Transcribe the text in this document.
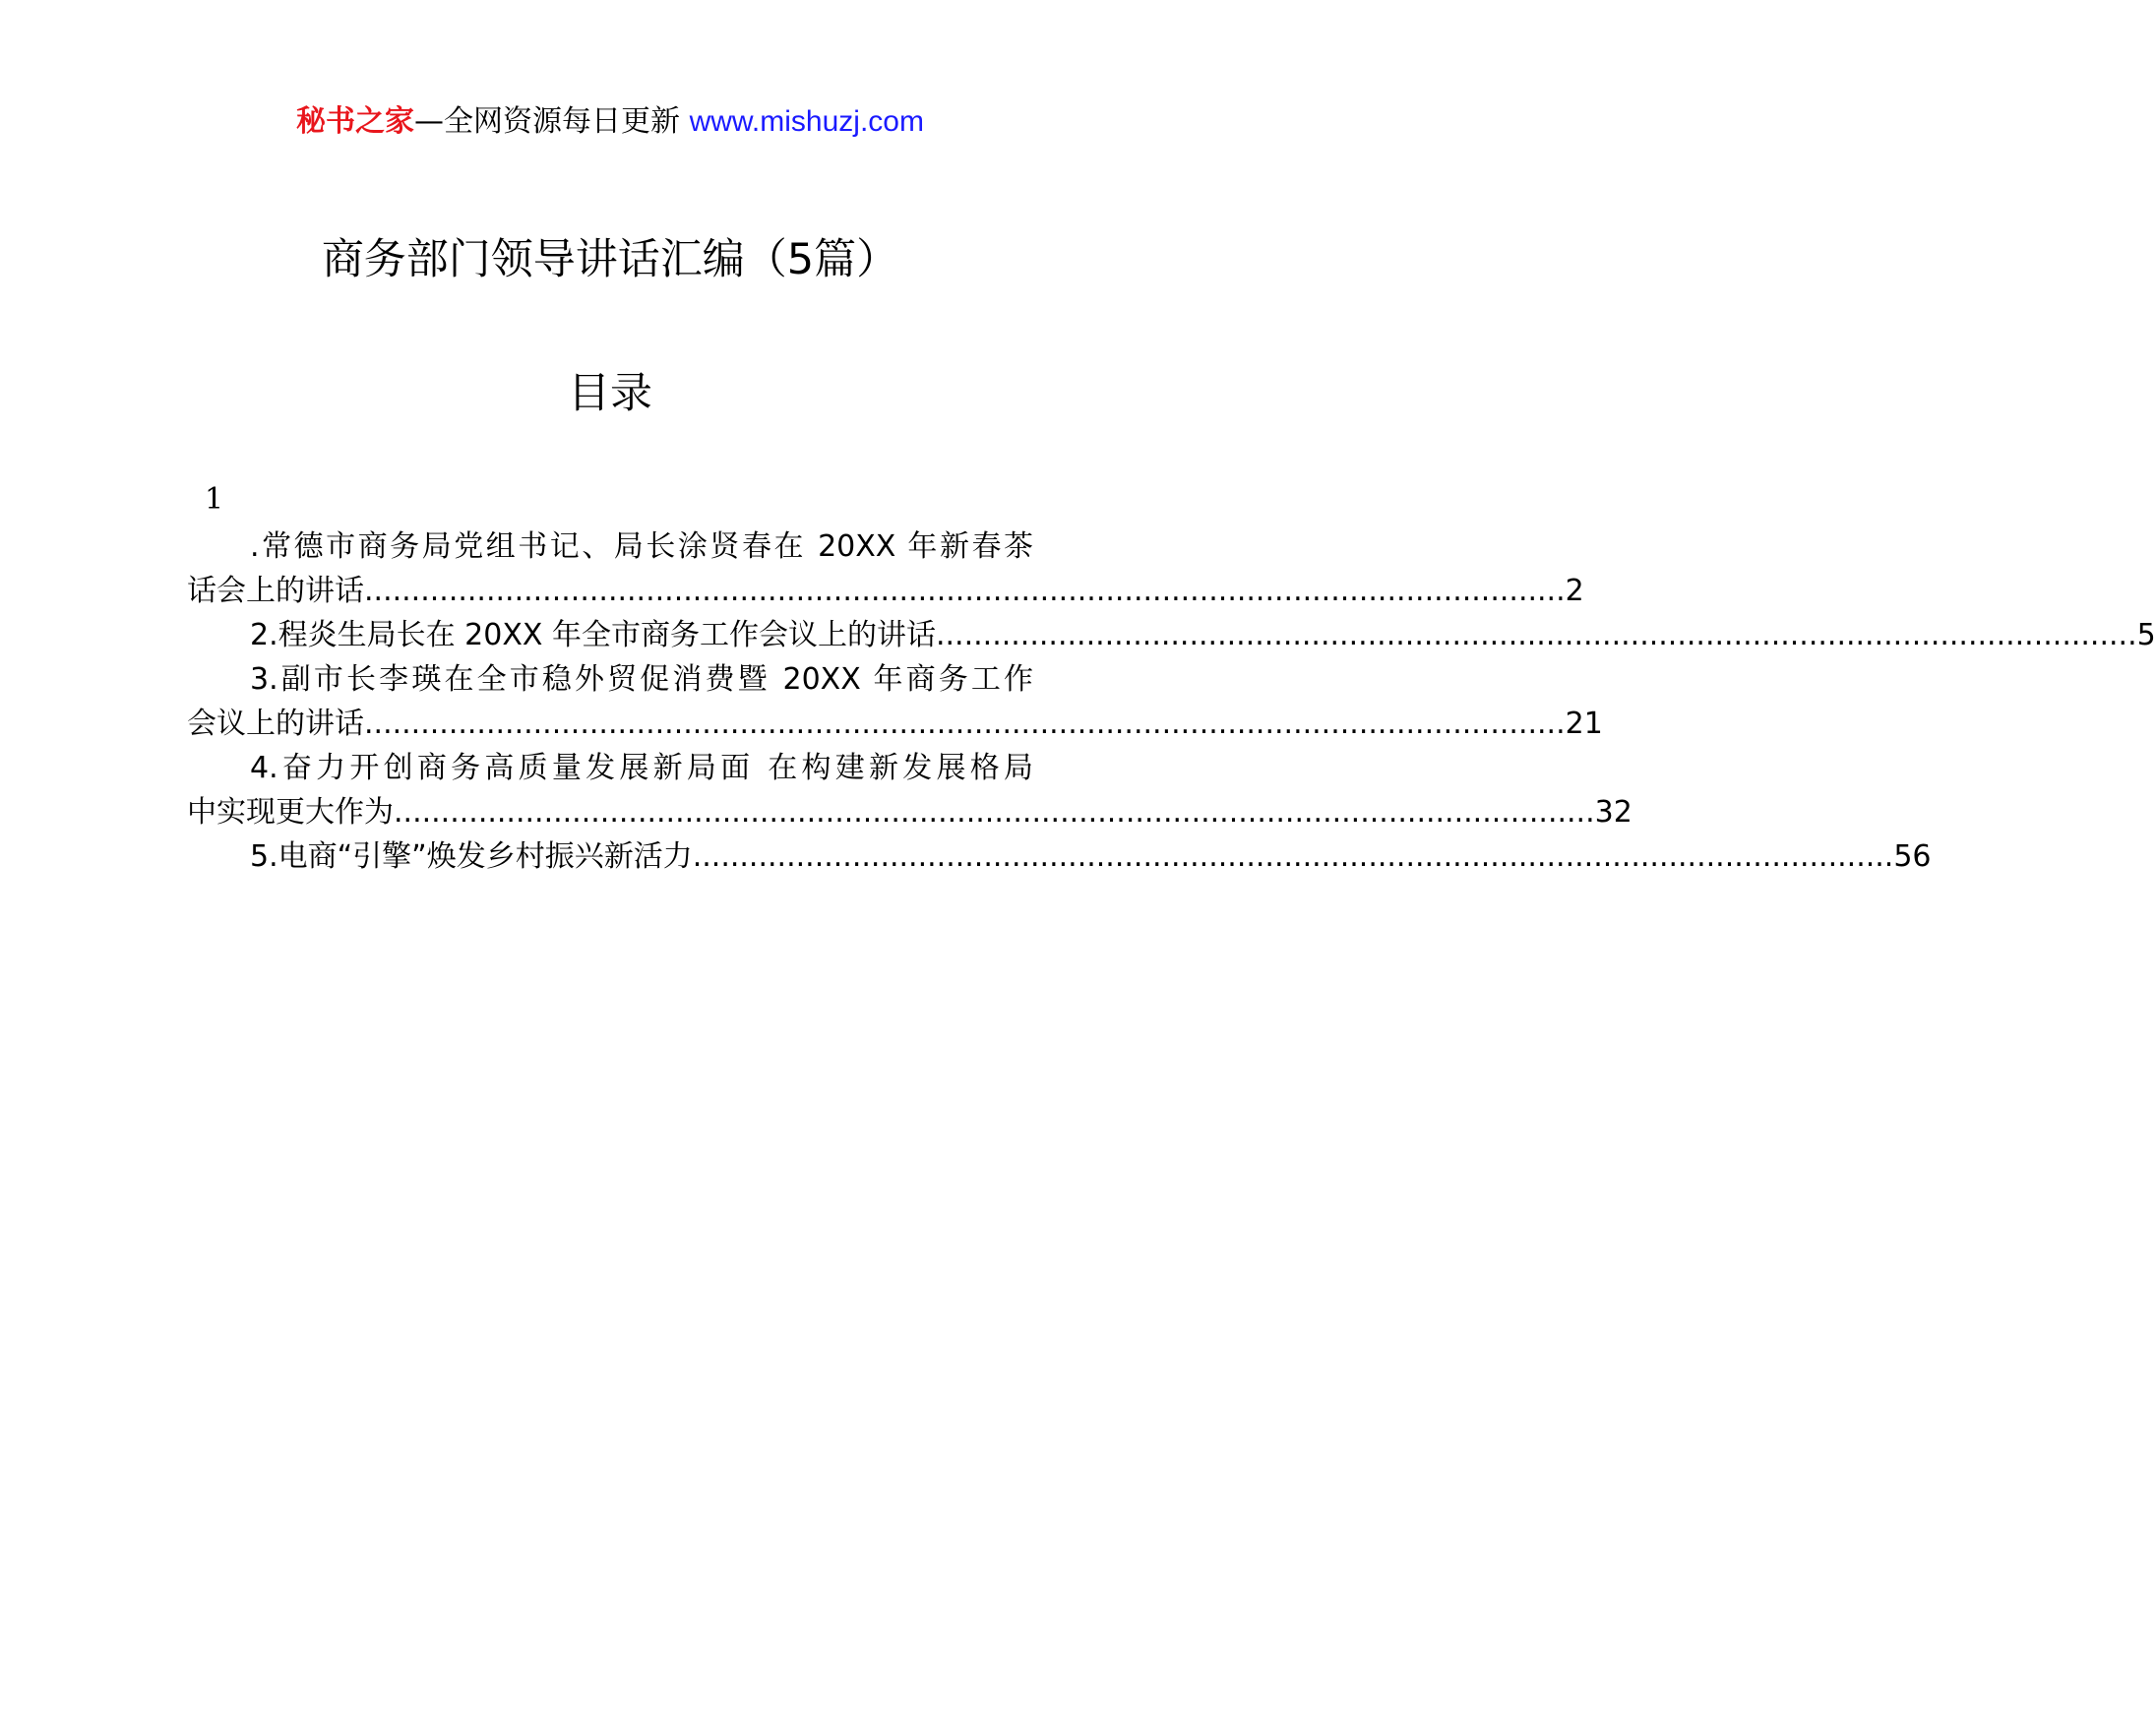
秘书之家—全网资源每日更新 www.mishuzj.com
商务部门领导讲话汇编（5篇）
目录
1
.常德市商务局党组书记、局长涂贤春在 20XX 年新春茶
话会上的讲话 ................................................................................................................................ 2
2.程炎生局长在 20XX 年全市商务工作会议上的讲话 ................................................................................................................................ 5
3.副市长李瑛在全市稳外贸促消费暨 20XX 年商务工作
会议上的讲话 ................................................................................................................................ 21
4.奋力开创商务高质量发展新局面 在构建新发展格局
中实现更大作为 ................................................................................................................................ 32
5.电商“引擎”焕发乡村振兴新活力 ................................................................................................................................ 56
